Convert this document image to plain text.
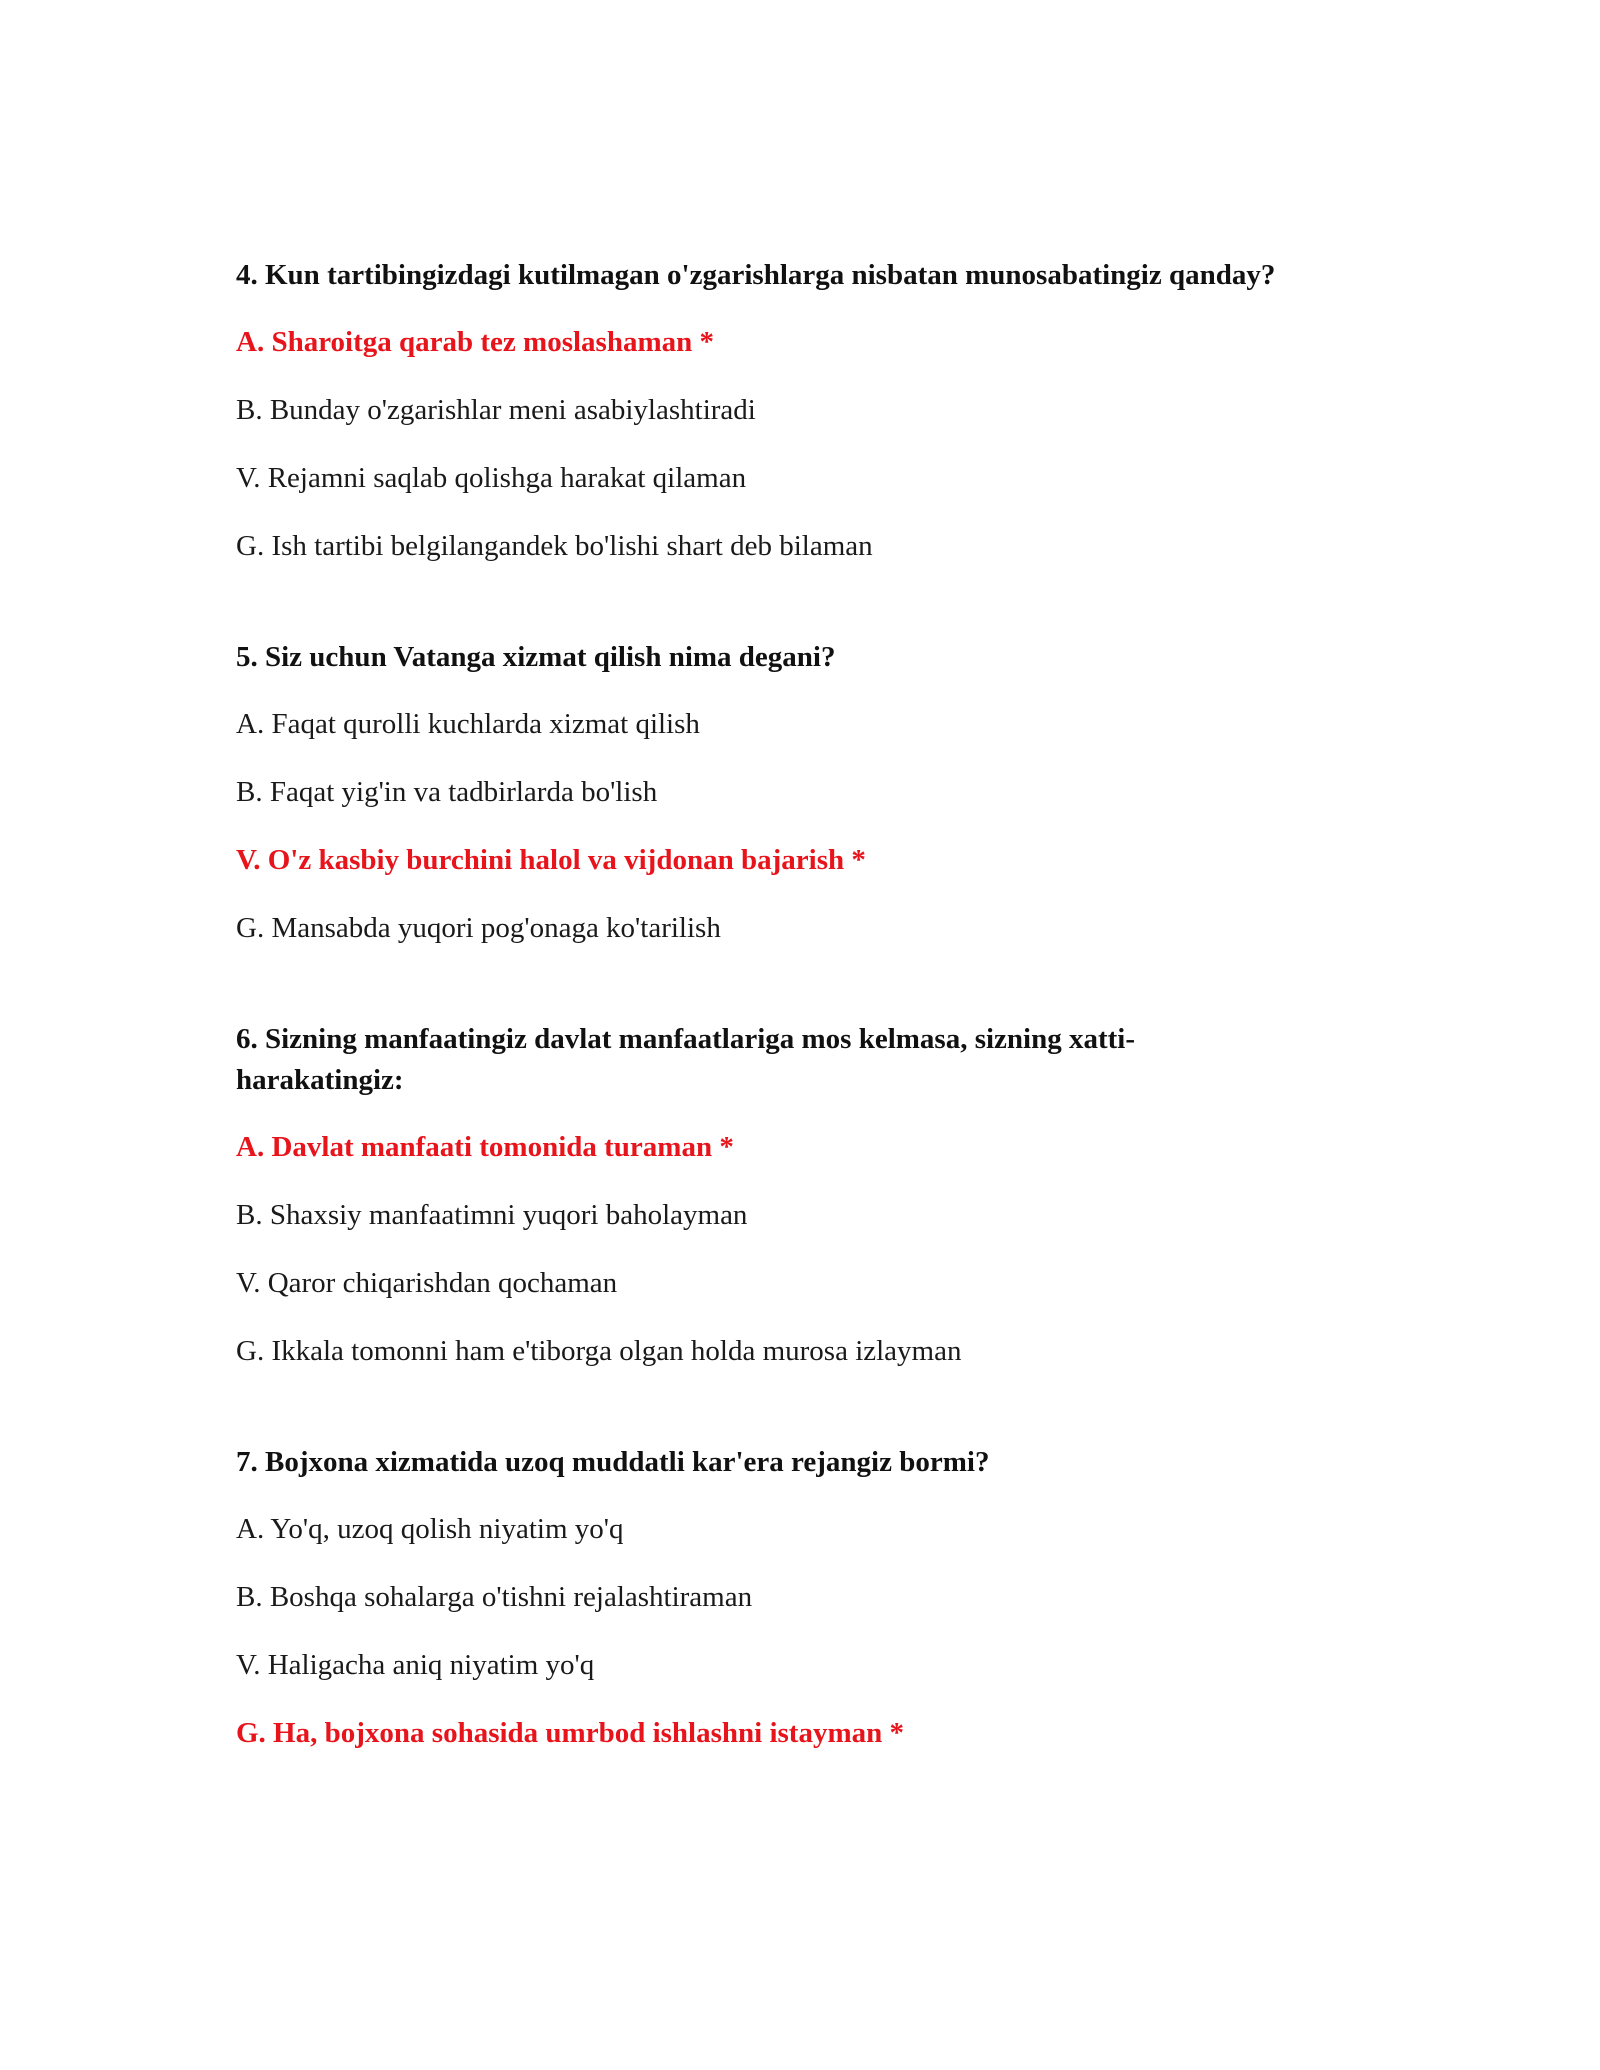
4. Kun tartibingizdagi kutilmagan o'zgarishlarga nisbatan munosabatingiz qanday?

A. Sharoitga qarab tez moslashaman *

B. Bunday o'zgarishlar meni asabiylashtiradi

V. Rejamni saqlab qolishga harakat qilaman

G. Ish tartibi belgilangandek bo'lishi shart deb bilaman

5. Siz uchun Vatanga xizmat qilish nima degani?

A. Faqat qurolli kuchlarda xizmat qilish

B. Faqat yig'in va tadbirlarda bo'lish

V. O'z kasbiy burchini halol va vijdonan bajarish *

G. Mansabda yuqori pog'onaga ko'tarilish

6. Sizning manfaatingiz davlat manfaatlariga mos kelmasa, sizning xatti-harakatingiz:

A. Davlat manfaati tomonida turaman *

B. Shaxsiy manfaatimni yuqori baholayman

V. Qaror chiqarishdan qochaman

G. Ikkala tomonni ham e'tiborga olgan holda murosa izlayman

7. Bojxona xizmatida uzoq muddatli kar'era rejangiz bormi?

A. Yo'q, uzoq qolish niyatim yo'q

B. Boshqa sohalarga o'tishni rejalashtiraman

V. Haligacha aniq niyatim yo'q

G. Ha, bojxona sohasida umrbod ishlashni istayman *
